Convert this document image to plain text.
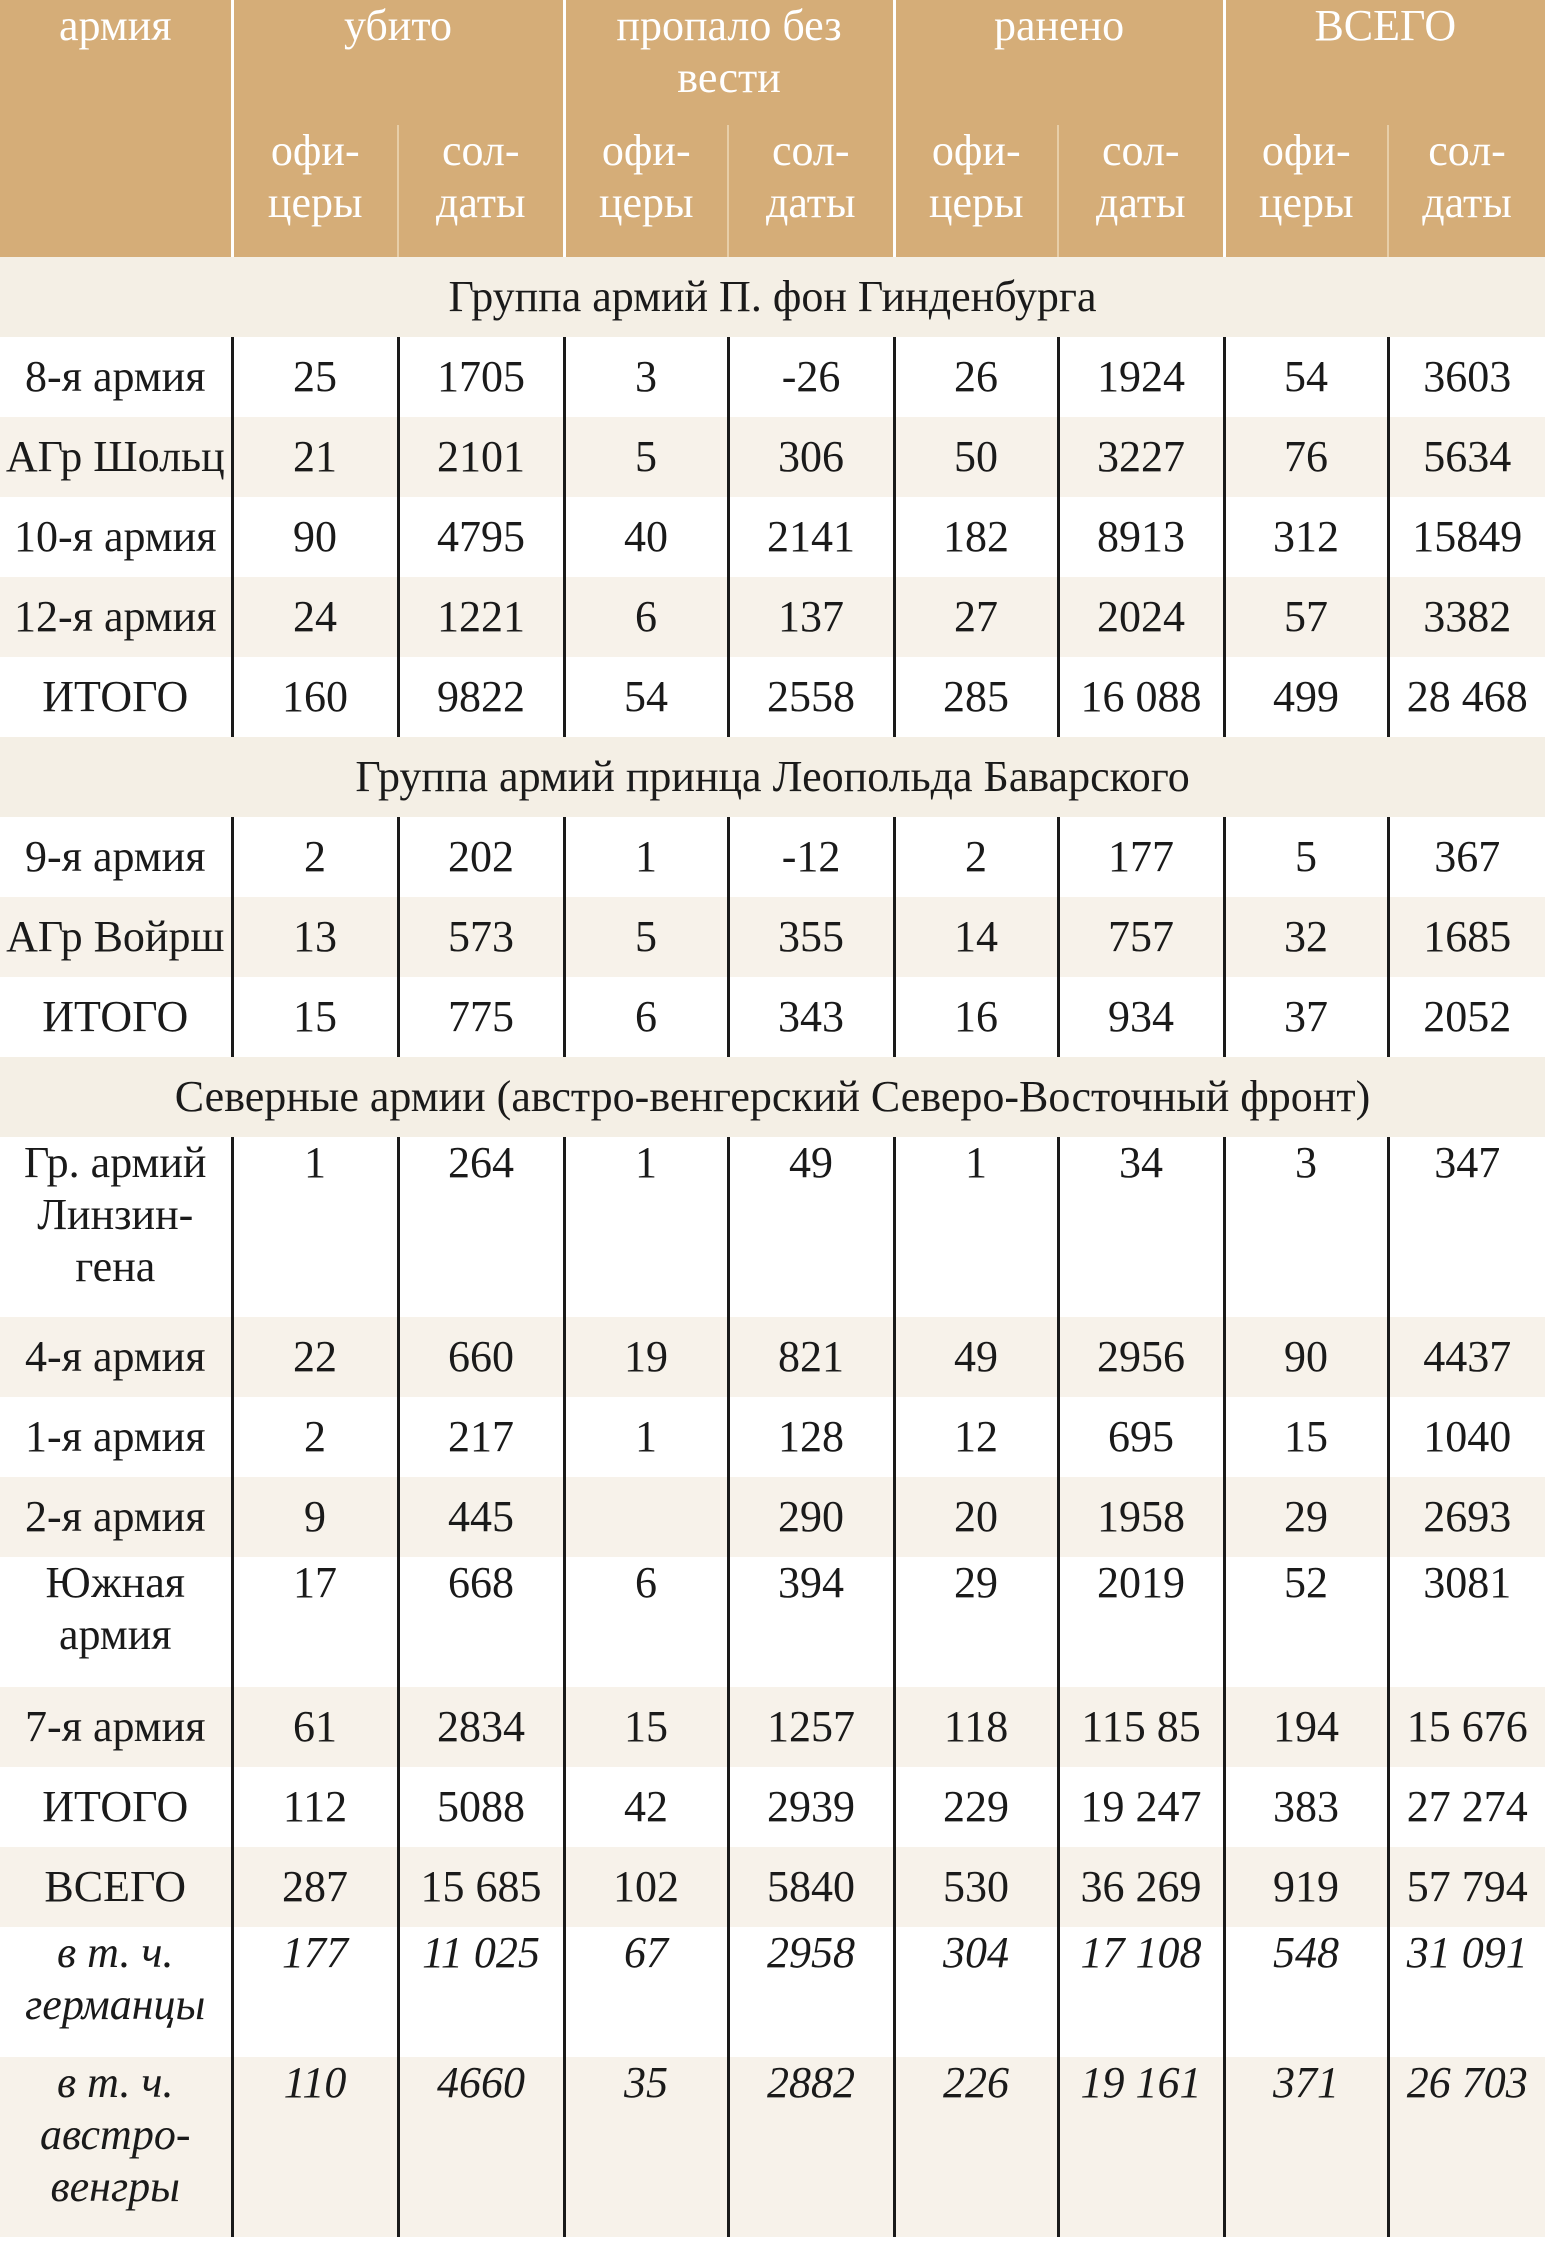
армия	убито		пропало без вести		ранено		ВСЕГО	
	офи- церы	сол- даты	офи- церы	сол- даты	офи- церы	сол- даты	офи- церы	сол- даты
Группа армий П. фон Гинденбурга								
8-я армия	25	1705	3	-26	26	1924	54	3603
АГр Шольц	21	2101	5	306	50	3227	76	5634
10-я армия	90	4795	40	2141	182	8913	312	15849
12-я армия	24	1221	6	137	27	2024	57	3382
ИТОГО	160	9822	54	2558	285	16 088	499	28 468
Группа армий принца Леопольда Баварского								
9-я армия	2	202	1	-12	2	177	5	367
АГр Войрш	13	573	5	355	14	757	32	1685
ИТОГО	15	775	6	343	16	934	37	2052
Северные армии (австро-венгерский Северо-Восточный фронт)								
Гр. армий Линзин- гена	1	264	1	49	1	34	3	347
4-я армия	22	660	19	821	49	2956	90	4437
1-я армия	2	217	1	128	12	695	15	1040
2-я армия	9	445		290	20	1958	29	2693
Южная армия	17	668	6	394	29	2019	52	3081
7-я армия	61	2834	15	1257	118	115 85	194	15 676
ИТОГО	112	5088	42	2939	229	19 247	383	27 274
ВСЕГО	287	15 685	102	5840	530	36 269	919	57 794
в т. ч. германцы	177	11 025	67	2958	304	17 108	548	31 091
в т. ч. австро- венгры	110	4660	35	2882	226	19 161	371	26 703
